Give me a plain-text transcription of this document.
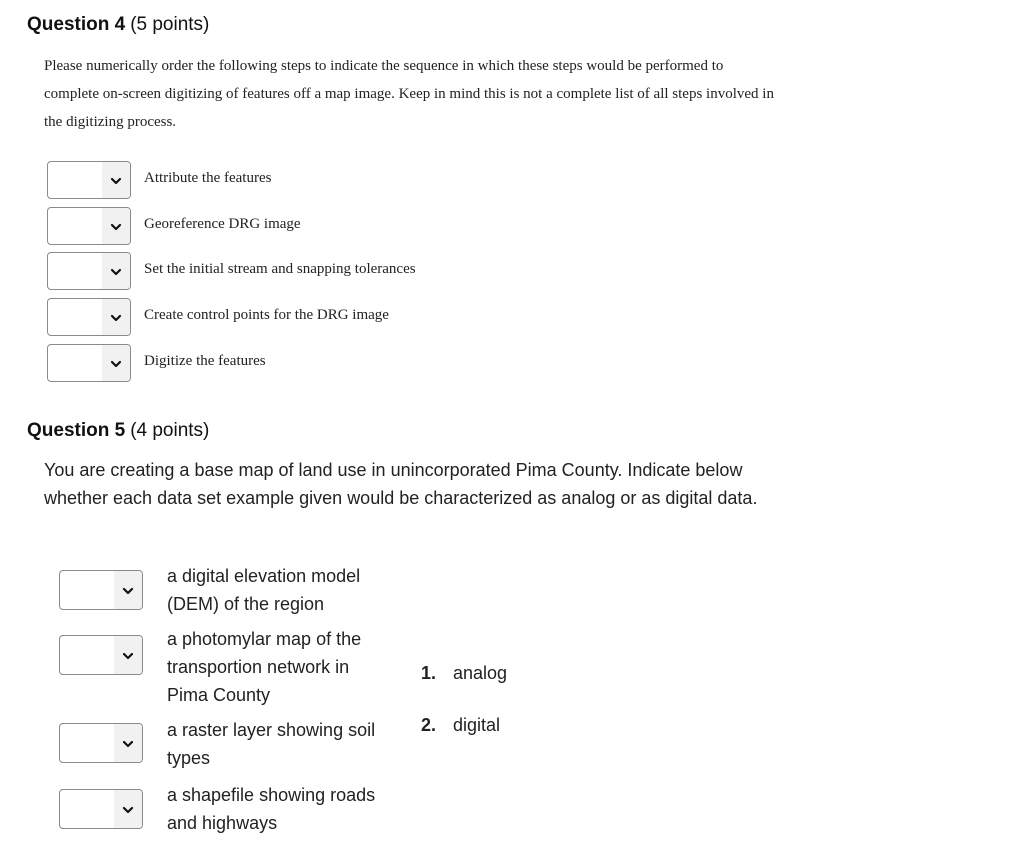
Question 4 (5 points)
Please numerically order the following steps to indicate the sequence in which these steps would be performed to complete on-screen digitizing of features off a map image. Keep in mind this is not a complete list of all steps involved in the digitizing process.
Attribute the features
Georeference DRG image
Set the initial stream and snapping tolerances
Create control points for the DRG image
Digitize the features
Question 5 (4 points)
You are creating a base map of land use in unincorporated Pima County. Indicate below whether each data set example given would be characterized as analog or as digital data.
a digital elevation model (DEM) of the region
a photomylar map of the transportion network in Pima County
a raster layer showing soil types
a shapefile showing roads and highways
1. analog
2. digital
